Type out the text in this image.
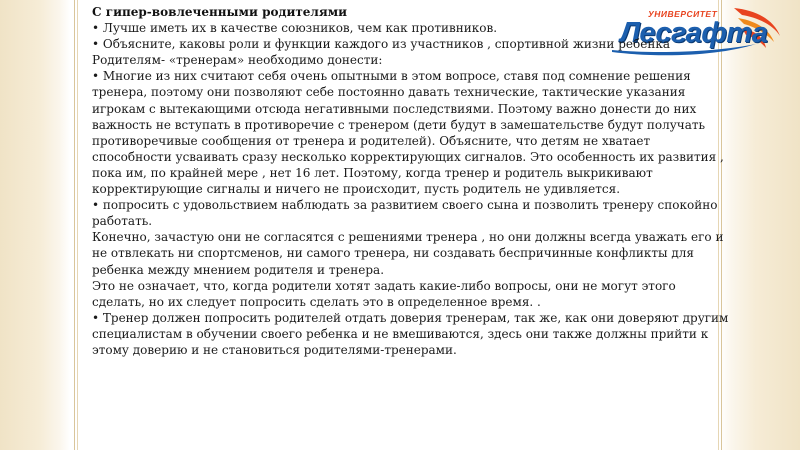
УНИВЕРСИТЕТ
Лесгафта

С гипер-вовлеченными родителями

• Лучше иметь их в качестве союзников, чем как противников.

• Объясните, каковы роли и функции каждого из участников , спортивной жизни ребенка

Родителям- «тренерам» необходимо донести:

• Многие из них считают себя очень опытными в этом вопросе, ставя под сомнение решения тренера, поэтому они позволяют себе постоянно давать технические, тактические указания игрокам с вытекающими отсюда негативными последствиями. Поэтому важно донести до них важность не вступать в противоречие с тренером (дети будут в замешательстве будут получать противоречивые сообщения от тренера и родителей). Объясните, что детям не хватает способности усваивать сразу несколько корректирующих сигналов. Это особенность их развития , пока им, по крайней мере , нет 16 лет. Поэтому, когда тренер и родитель выкрикивают корректирующие сигналы и ничего не происходит, пусть родитель не удивляется.

• попросить с удовольствием наблюдать за развитием своего сына и позволить тренеру спокойно работать.

Конечно, зачастую они не согласятся с решениями тренера , но они должны всегда уважать его и не отвлекать ни спортсменов, ни самого тренера, ни создавать беспричинные конфликты для ребенка между мнением родителя и тренера.

Это не означает, что, когда родители хотят задать какие-либо вопросы, они не могут этого сделать, но их следует попросить сделать это в определенное время. .

• Тренер должен попросить родителей отдать доверия тренерам, так же, как они доверяют другим специалистам в обучении своего ребенка и не вмешиваются, здесь они также должны прийти к этому доверию и не становиться родителями-тренерами.
